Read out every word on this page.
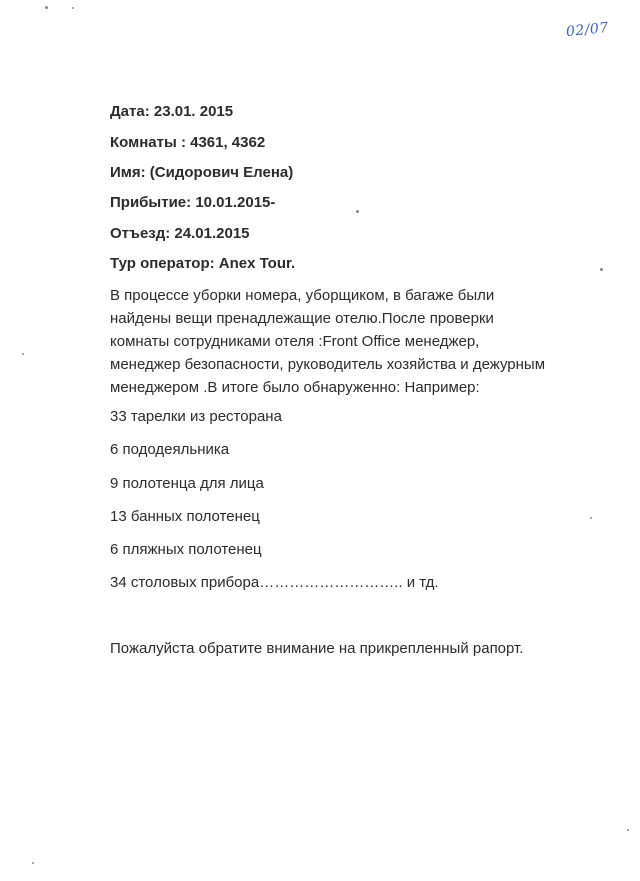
02/07
Дата: 23.01. 2015
Комнаты : 4361, 4362
Имя: (Сидорович Елена)
Прибытие: 10.01.2015-
Отъезд: 24.01.2015
Тур оператор: Anex Tour.
В процессе уборки номера, уборщиком, в багаже были
найдены вещи пренадлежащие отелю.После проверки
комнаты сотрудниками отеля :Front Office менеджер,
менеджер безопасности, руководитель хозяйства и дежурным
менеджером .В итоге было обнаруженно: Например:
33 тарелки из ресторана
6 пододеяльника
9 полотенца для лица
13 банных полотенец
6 пляжных полотенец
34 столовых прибора……………………….. и тд.
Пожалуйста обратите внимание на прикрепленный рапорт.
